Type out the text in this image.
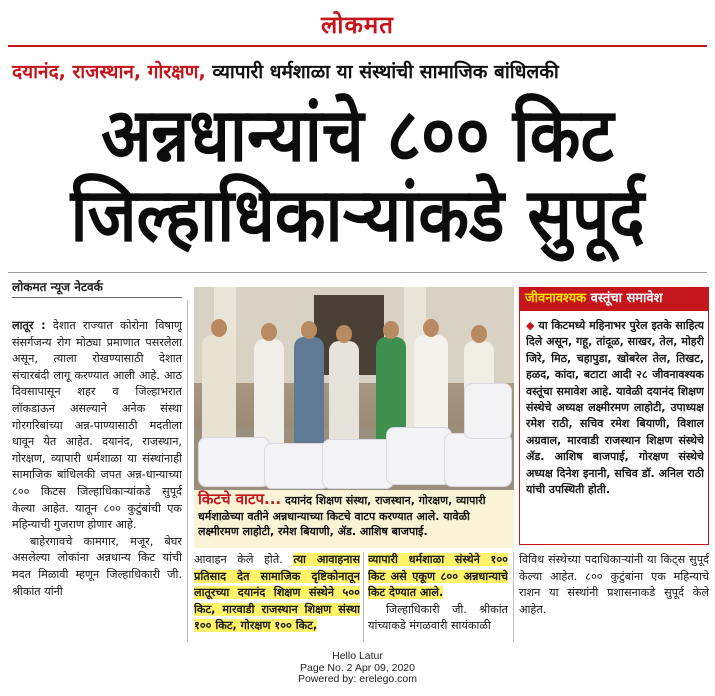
लोकमत
दयानंद, राजस्थान, गोरक्षण, व्यापारी धर्मशाळा या संस्थांची सामाजिक बांधिलकी
अन्नधान्यांचे ८०० किट
जिल्हाधिकाऱ्यांकडे सुपूर्द
लोकमत न्यूज नेटवर्क

लातूर : देशात राज्यात कोरोना विषाणू संसर्गजन्य रोग मोठ्या प्रमाणात पसरलेला असून, त्याला रोखण्यासाठी देशात संचारबंदी लागू करण्यात आली आहे. आठ दिवसापासून शहर व जिल्हाभरात लॉकडाऊन असल्याने अनेक संस्था गोरगरिबांच्या अन्न-पाण्यासाठी मदतीला धावून येत आहेत. दयानंद, राजस्थान, गोरक्षण, व्यापारी धर्मशाळा या संस्थांनाही सामाजिक बांधिलकी जपत अन्न-धान्याच्या ८०० किटस जिल्हाधिकाऱ्यांकडे सुपूर्द केल्या आहेत. यातून ८०० कुटुंबांची एक महिन्याची गुजराण होणार आहे.

बाहेरगावचे कामगार, मजूर, बेघर असलेल्या लोकांना अन्नधान्य किट यांची मदत मिळावी म्हणून जिल्हाधिकारी जी. श्रीकांत यांनी

किटचे वाटप... दयानंद शिक्षण संस्था, राजस्थान, गोरक्षण, व्यापारी धर्मशाळेच्या वतीने अन्नधान्याच्या किटचे वाटप करण्यात आले. यावेळी लक्ष्मीरमण लाहोटी, रमेश बियाणी, ॲड. आशिष बाजपाई.
जीवनावश्यक वस्तूंचा समावेश
◆ या किटमध्ये महिनाभर पुरेल इतके साहित्य दिले असून, गहू, तांदूळ, साखर, तेल, मोहरी जिरे, मिठ, चहापुडा, खोबरेल तेल, तिखट, हळद, कांदा, बटाटा आदी २८ जीवनावश्यक वस्तूंचा समावेश आहे. यावेळी दयानंद शिक्षण संस्थेचे अध्यक्ष लक्ष्मीरमण लाहोटी, उपाध्यक्ष रमेश राठी, सचिव रमेश बियाणी, विशाल अग्रवाल, मारवाडी राजस्थान शिक्षण संस्थेचे ॲड. आशिष बाजपाई, गोरक्षण संस्थेचे अध्यक्ष दिनेश इनानी, सचिव डॉ. अनिल राठी यांची उपस्थिती होती.
आवाहन केले होते. त्या आवाहनास प्रतिसाद देत सामाजिक दृष्टिकोनातून लातूरच्या दयानंद शिक्षण संस्थेने ५०० किट, मारवाडी राजस्थान शिक्षण संस्था १०० किट, गोरक्षण १०० किट,
व्यापारी धर्मशाळा संस्थेने १०० किट असे एकूण ८०० अन्नधान्याचे किट देण्यात आले.

जिल्हाधिकारी जी. श्रीकांत यांच्याकडे मंगळवारी सायंकाळी

विविध संस्थेच्या पदाधिकाऱ्यांनी या किट्स सुपूर्द केल्या आहेत. ८०० कुटुंबांना एक महिन्याचे राशन या संस्थांनी प्रशासनाकडे सुपूर्द केले आहेत.
Hello Latur
Page No. 2 Apr 09, 2020
Powered by: erelego.com
